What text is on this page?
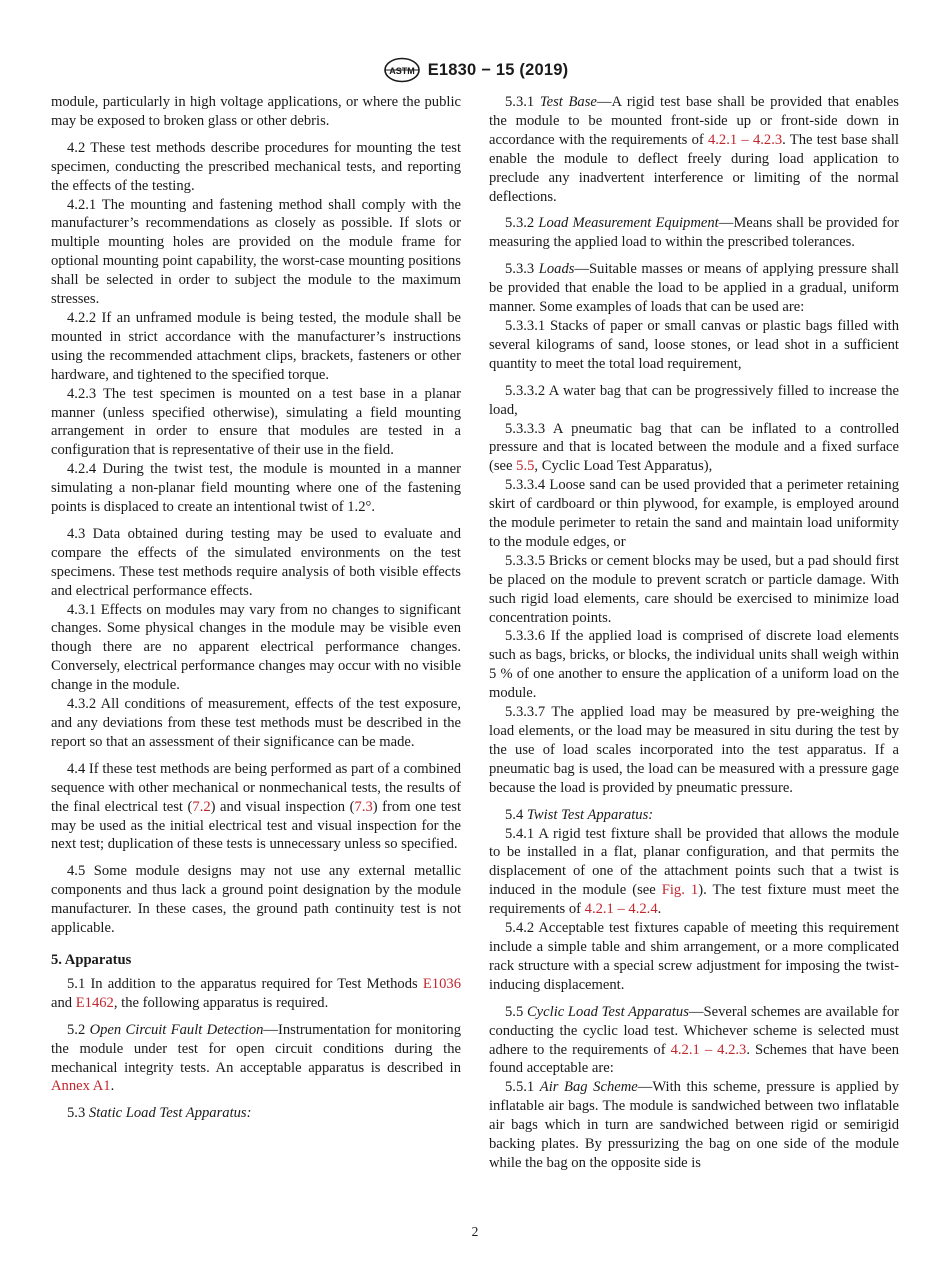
ASTM E1830 − 15 (2019)

module, particularly in high voltage applications, or where the public may be exposed to broken glass or other debris.

4.2 These test methods describe procedures for mounting the test specimen, conducting the prescribed mechanical tests, and reporting the effects of the testing.

4.2.1 The mounting and fastening method shall comply with the manufacturer’s recommendations as closely as possible. If slots or multiple mounting holes are provided on the module frame for optional mounting point capability, the worst-case mounting positions shall be selected in order to subject the module to the maximum stresses.

4.2.2 If an unframed module is being tested, the module shall be mounted in strict accordance with the manufacturer’s instructions using the recommended attachment clips, brackets, fasteners or other hardware, and tightened to the specified torque.

4.2.3 The test specimen is mounted on a test base in a planar manner (unless specified otherwise), simulating a field mounting arrangement in order to ensure that modules are tested in a configuration that is representative of their use in the field.

4.2.4 During the twist test, the module is mounted in a manner simulating a non-planar field mounting where one of the fastening points is displaced to create an intentional twist of 1.2°.

4.3 Data obtained during testing may be used to evaluate and compare the effects of the simulated environments on the test specimens. These test methods require analysis of both visible effects and electrical performance effects.

4.3.1 Effects on modules may vary from no changes to significant changes. Some physical changes in the module may be visible even though there are no apparent electrical performance changes. Conversely, electrical performance changes may occur with no visible change in the module.

4.3.2 All conditions of measurement, effects of the test exposure, and any deviations from these test methods must be described in the report so that an assessment of their significance can be made.

4.4 If these test methods are being performed as part of a combined sequence with other mechanical or nonmechanical tests, the results of the final electrical test (7.2) and visual inspection (7.3) from one test may be used as the initial electrical test and visual inspection for the next test; duplication of these tests is unnecessary unless so specified.

4.5 Some module designs may not use any external metallic components and thus lack a ground point designation by the module manufacturer. In these cases, the ground path continuity test is not applicable.

5. Apparatus

5.1 In addition to the apparatus required for Test Methods E1036 and E1462, the following apparatus is required.

5.2 Open Circuit Fault Detection—Instrumentation for monitoring the module under test for open circuit conditions during the mechanical integrity tests. An acceptable apparatus is described in Annex A1.

5.3 Static Load Test Apparatus:

5.3.1 Test Base—A rigid test base shall be provided that enables the module to be mounted front-side up or front-side down in accordance with the requirements of 4.2.1 – 4.2.3. The test base shall enable the module to deflect freely during load application to preclude any inadvertent interference or limiting of the normal deflections.

5.3.2 Load Measurement Equipment—Means shall be provided for measuring the applied load to within the prescribed tolerances.

5.3.3 Loads—Suitable masses or means of applying pressure shall be provided that enable the load to be applied in a gradual, uniform manner. Some examples of loads that can be used are:

5.3.3.1 Stacks of paper or small canvas or plastic bags filled with several kilograms of sand, loose stones, or lead shot in a sufficient quantity to meet the total load requirement,

5.3.3.2 A water bag that can be progressively filled to increase the load,

5.3.3.3 A pneumatic bag that can be inflated to a controlled pressure and that is located between the module and a fixed surface (see 5.5, Cyclic Load Test Apparatus),

5.3.3.4 Loose sand can be used provided that a perimeter retaining skirt of cardboard or thin plywood, for example, is employed around the module perimeter to retain the sand and maintain load uniformity to the module edges, or

5.3.3.5 Bricks or cement blocks may be used, but a pad should first be placed on the module to prevent scratch or particle damage. With such rigid load elements, care should be exercised to minimize load concentration points.

5.3.3.6 If the applied load is comprised of discrete load elements such as bags, bricks, or blocks, the individual units shall weigh within 5 % of one another to ensure the application of a uniform load on the module.

5.3.3.7 The applied load may be measured by pre-weighing the load elements, or the load may be measured in situ during the test by the use of load scales incorporated into the test apparatus. If a pneumatic bag is used, the load can be measured with a pressure gage because the load is provided by pneumatic pressure.

5.4 Twist Test Apparatus:

5.4.1 A rigid test fixture shall be provided that allows the module to be installed in a flat, planar configuration, and that permits the displacement of one of the attachment points such that a twist is induced in the module (see Fig. 1). The test fixture must meet the requirements of 4.2.1 – 4.2.4.

5.4.2 Acceptable test fixtures capable of meeting this requirement include a simple table and shim arrangement, or a more complicated rack structure with a special screw adjustment for imposing the twist-inducing displacement.

5.5 Cyclic Load Test Apparatus—Several schemes are available for conducting the cyclic load test. Whichever scheme is selected must adhere to the requirements of 4.2.1 – 4.2.3. Schemes that have been found acceptable are:

5.5.1 Air Bag Scheme—With this scheme, pressure is applied by inflatable air bags. The module is sandwiched between two inflatable air bags which in turn are sandwiched between rigid or semirigid backing plates. By pressurizing the bag on one side of the module while the bag on the opposite side is

2
